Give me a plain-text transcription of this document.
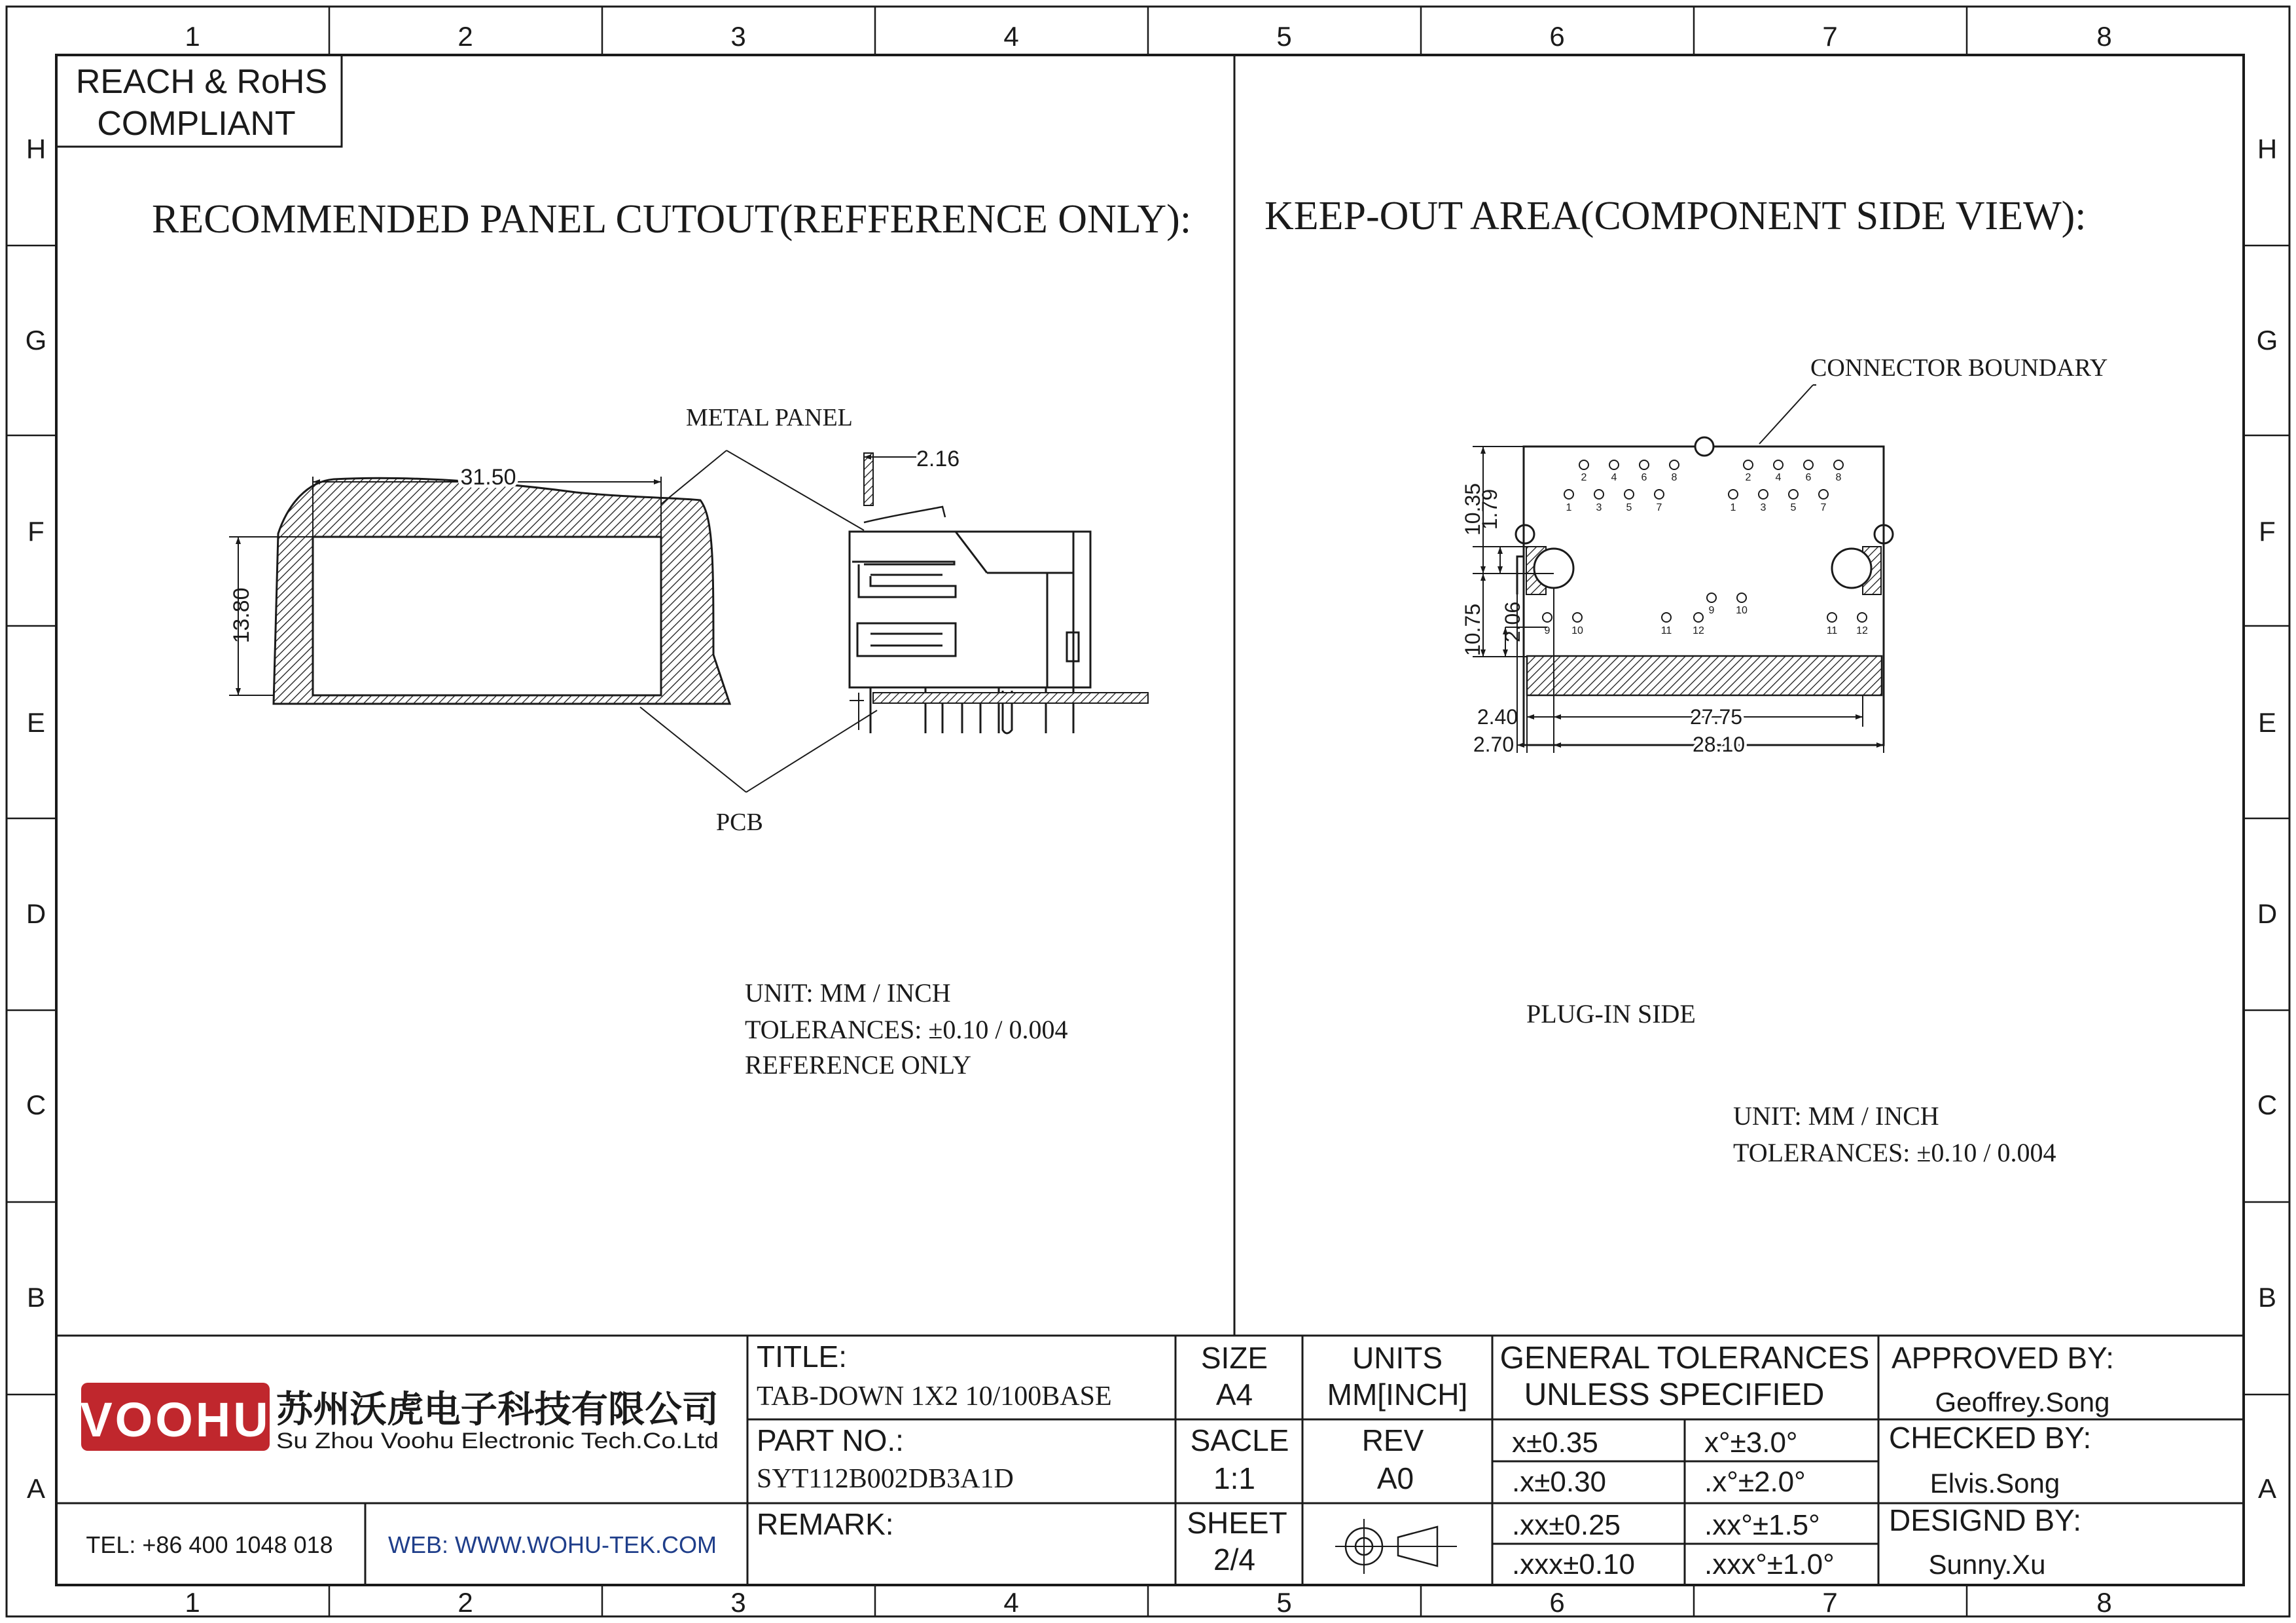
1	2	3	4	5	6	7	8
1	2	3	4	5	6	7	8
H
G
F
E
D
C
B
A
H
G
F
E
D
C
B
A
REACH & RoHS
COMPLIANT
RECOMMENDED PANEL CUTOUT(REFFERENCE ONLY):
31.50
13.80
METAL PANEL
PCB
2.16
UNIT: MM / INCH
TOLERANCES: ±0.10 / 0.004
REFERENCE ONLY
KEEP-OUT AREA(COMPONENT SIDE VIEW):
10.35
1.79
10.75 2.06
2.40
2.70
27.75
28.10
2 4 6 8
1 3 5 7
2 4 6 8
1 3 5 7
9 10	11 12
9 10
11 12
CONNECTOR BOUNDARY
PLUG-IN SIDE
UNIT: MM / INCH
TOLERANCES: ±0.10 / 0.004
VOOHU 苏州沃虎电子科技有限公司
Su Zhou Voohu Electronic Tech.Co.Ltd
TEL: +86 400 1048 018 WEB: WWW.WOHU-TEK.COM
TITLE:
TAB-DOWN 1X2 10/100BASE
PART NO.:
SYT112B002DB3A1D
REMARK:
SIZE
A4
UNITS
MM[INCH]
SACLE
1:1
REV
A0
SHEET
2/4
GENERAL TOLERANCES
UNLESS SPECIFIED
x±0.35	x°±3.0°
.x±0.30	.x°±2.0°
.xx±0.25	.xx°±1.5°
.xxx±0.10 .xxx°±1.0°
APPROVED BY:
Geoffrey.Song
CHECKED BY:
Elvis.Song
DESIGND BY:
Sunny.Xu
